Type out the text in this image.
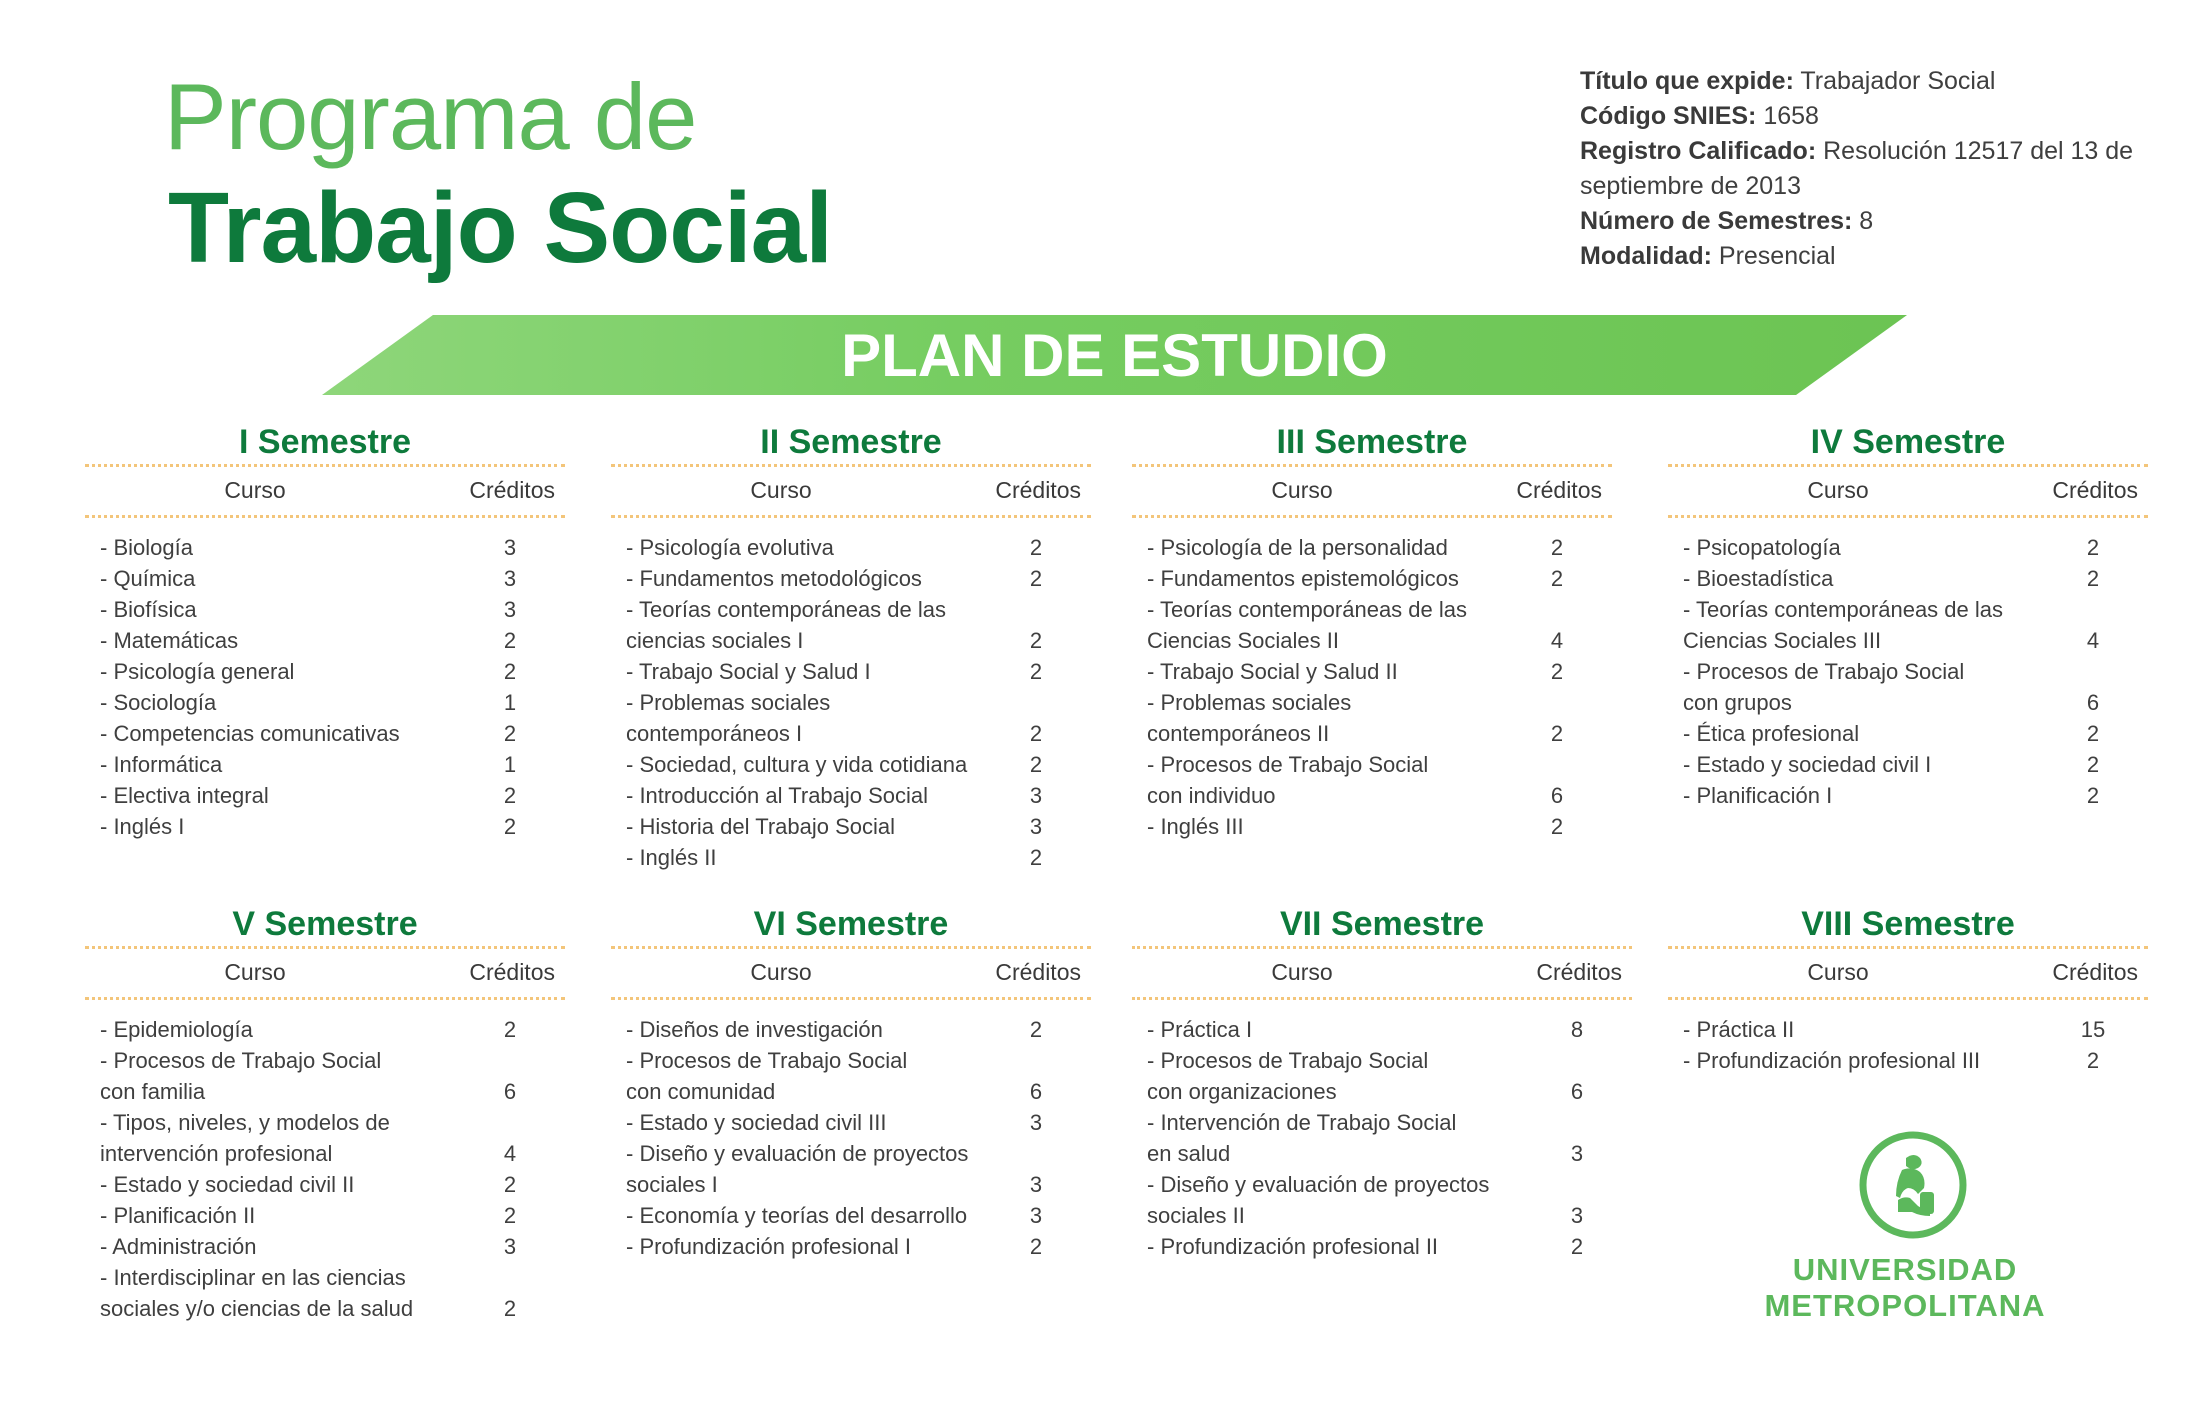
Programa de
Trabajo Social

Título que expide: Trabajador Social

Código SNIES: 1658

Registro Calificado: Resolución 12517 del 13 de septiembre de 2013

Número de Semestres: 8

Modalidad: Presencial

PLAN DE ESTUDIO
I Semestre
Curso	Créditos
- Biología	3
- Química	3
- Biofísica	3
- Matemáticas	2
- Psicología general	2
- Sociología	1
- Competencias comunicativas	2
- Informática	1
- Electiva integral	2
- Inglés I	2
II Semestre
Curso	Créditos
- Psicología evolutiva	2
- Fundamentos metodológicos	2
- Teorías contemporáneas de las
ciencias sociales I	2
- Trabajo Social y Salud I	2
- Problemas sociales
contemporáneos I	2
- Sociedad, cultura y vida cotidiana	2
- Introducción al Trabajo Social	3
- Historia del Trabajo Social	3
- Inglés II	2
III Semestre
Curso	Créditos
- Psicología de la personalidad	2
- Fundamentos epistemológicos	2
- Teorías contemporáneas de las
Ciencias Sociales II	4
- Trabajo Social y Salud II	2
- Problemas sociales
contemporáneos II	2
- Procesos de Trabajo Social
con individuo	6
- Inglés III	2
IV Semestre
Curso	Créditos
- Psicopatología	2
- Bioestadística	2
- Teorías contemporáneas de las
Ciencias Sociales III	4
- Procesos de Trabajo Social
con grupos	6
- Ética profesional	2
- Estado y sociedad civil I	2
- Planificación I	2
V Semestre
Curso	Créditos
- Epidemiología	2
- Procesos de Trabajo Social
con familia	6
- Tipos, niveles, y modelos de
intervención profesional	4
- Estado y sociedad civil II	2
- Planificación II	2
- Administración	3
- Interdisciplinar en las ciencias
sociales y/o ciencias de la salud	2
VI Semestre
Curso	Créditos
- Diseños de investigación	2
- Procesos de Trabajo Social
con comunidad	6
- Estado y sociedad civil III	3
- Diseño y evaluación de proyectos
sociales I	3
- Economía y teorías del desarrollo	3
- Profundización profesional I	2
VII Semestre
Curso	Créditos
- Práctica I	8
- Procesos de Trabajo Social
con organizaciones	6
- Intervención de Trabajo Social
en salud	3
- Diseño y evaluación de proyectos
sociales II	3
- Profundización profesional II	2
VIII Semestre
Curso	Créditos
- Práctica II	15
- Profundización profesional III	2
UNIVERSIDAD
METROPOLITANA
